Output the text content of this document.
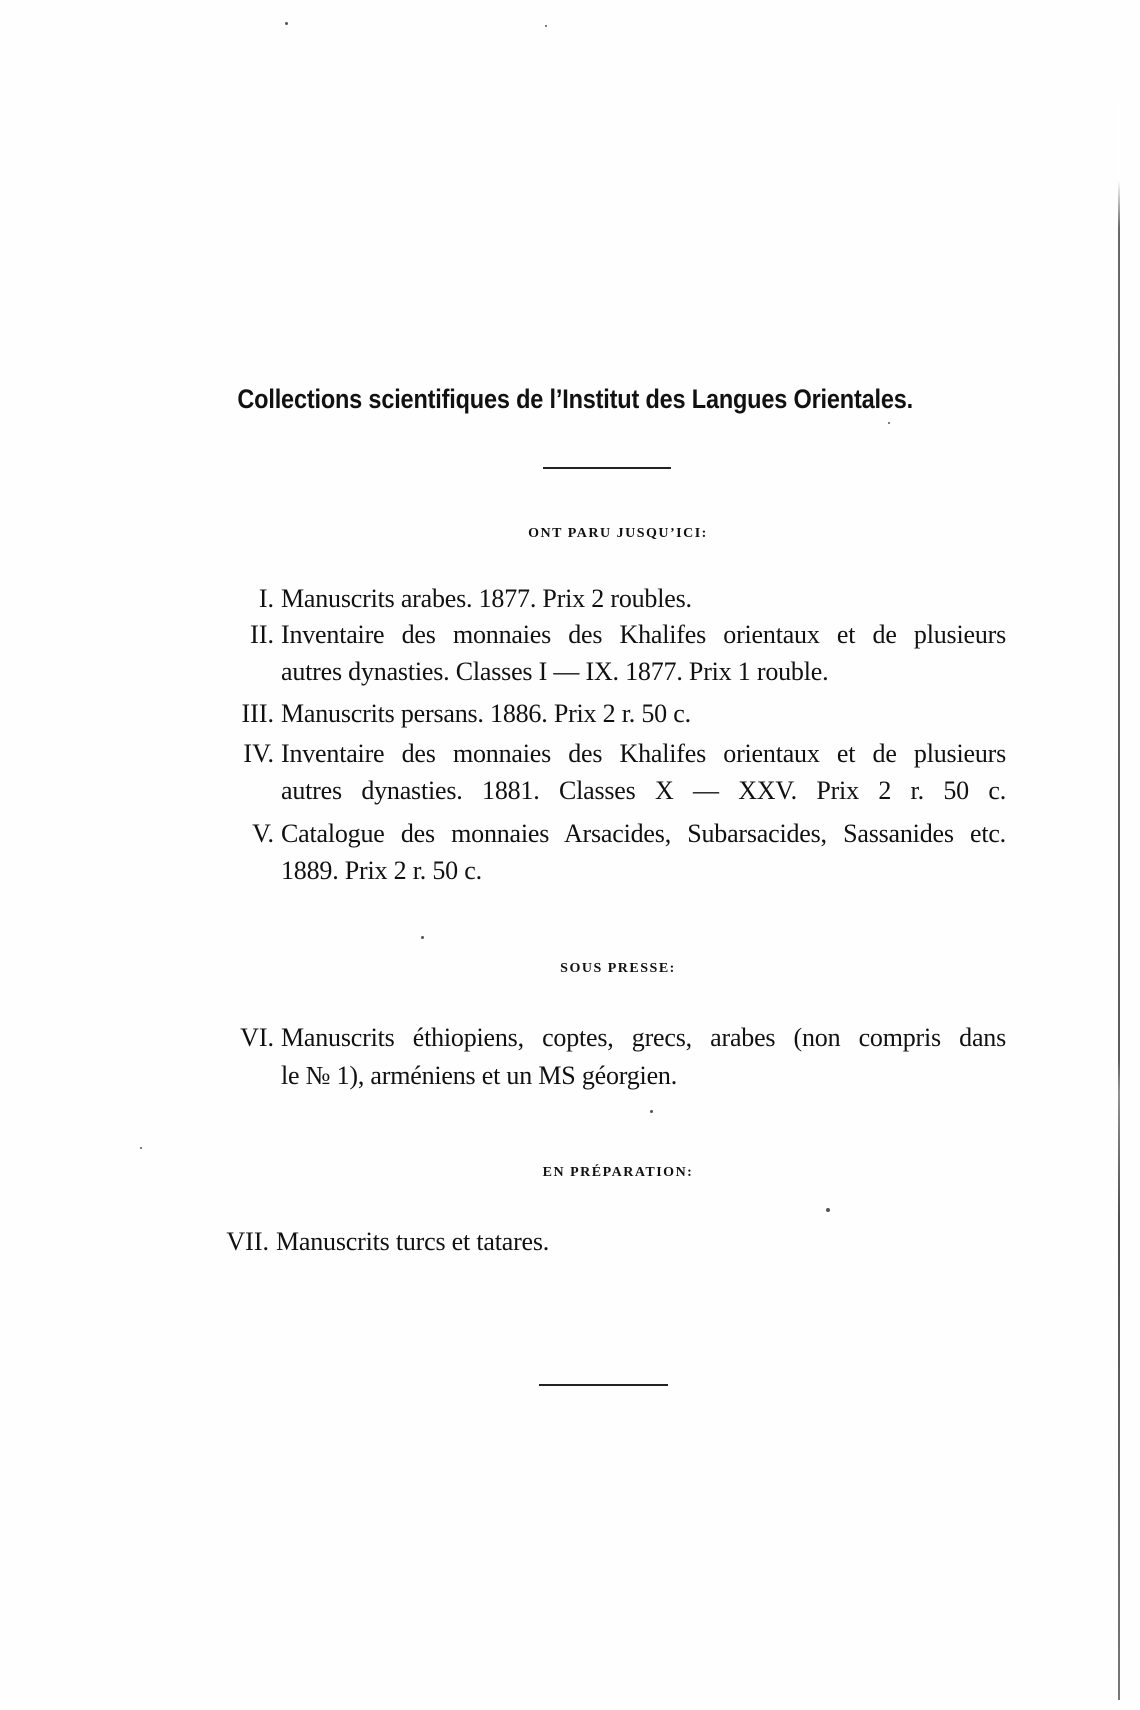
Collections scientifiques de l’Institut des Langues Orientales.
ONT PARU JUSQU’ICI:
I. Manuscrits arabes. 1877. Prix 2 roubles.
II. Inventaire des monnaies des Khalifes orientaux et de plusieurs
autres dynasties. Classes I — IX. 1877. Prix 1 rouble.
III. Manuscrits persans. 1886. Prix 2 r. 50 c.
IV. Inventaire des monnaies des Khalifes orientaux et de plusieurs
autres dynasties. 1881. Classes X — XXV. Prix 2 r. 50 c.
V. Catalogue des monnaies Arsacides, Subarsacides, Sassanides etc.
1889. Prix 2 r. 50 c.
SOUS PRESSE:
VI. Manuscrits éthiopiens, coptes, grecs, arabes (non compris dans
le № 1), arméniens et un MS géorgien.
EN PRÉPARATION:
VII. Manuscrits turcs et tatares.
